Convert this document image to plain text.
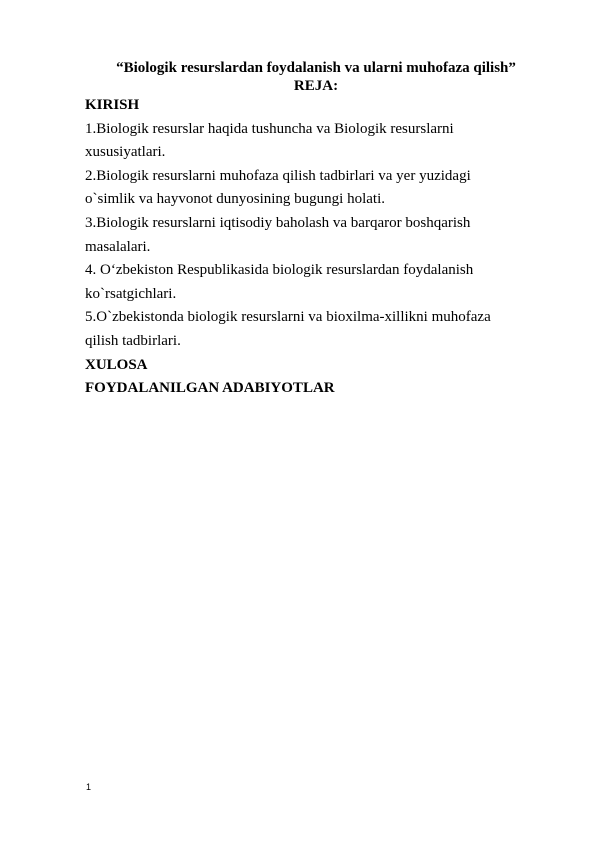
“Biologik resurslardan foydalanish va ularni muhofaza qilish”
REJA:
KIRISH
1.Biologik resurslar haqida tushuncha va Biologik resurslarni
xususiyatlari.
2.Biologik resurslarni muhofaza qilish tadbirlari va yer yuzidagi
o`simlik va hayvonot dunyosining bugungi holati.
3.Biologik resurslarni iqtisodiy baholash va barqaror boshqarish
masalalari.
4. O‘zbekiston Respublikasida biologik resurslardan foydalanish
ko`rsatgichlari.
5.O`zbekistonda biologik resurslarni va bioxilma-xillikni muhofaza
qilish tadbirlari.
XULOSA
FOYDALANILGAN ADABIYOTLAR
1
